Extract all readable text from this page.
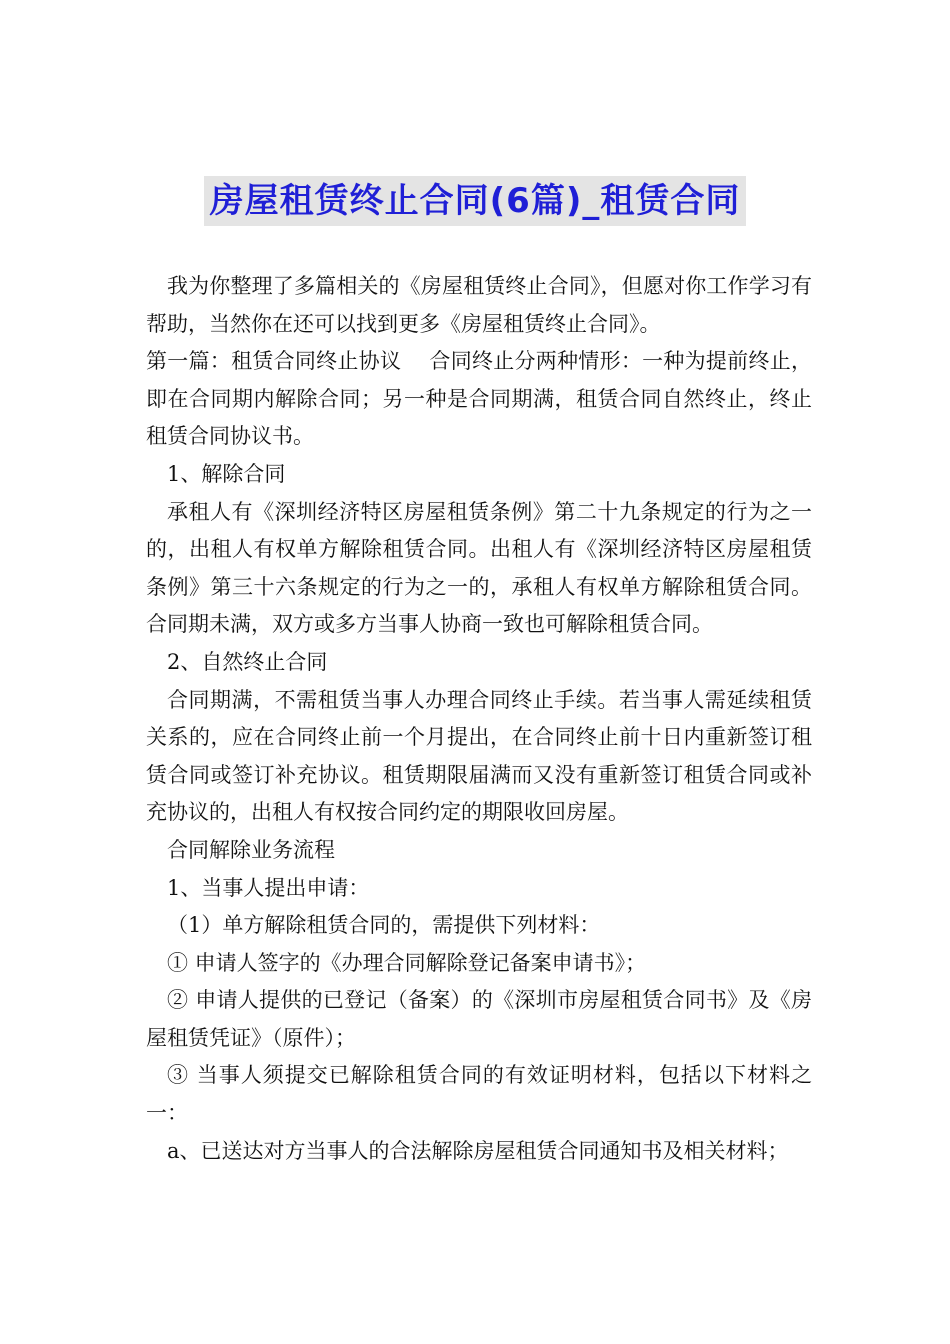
房屋租赁终止合同(6篇)_租赁合同

我为你整理了多篇相关的《房屋租赁终止合同》，但愿对你工作学习有帮助，当然你在还可以找到更多《房屋租赁终止合同》。

第一篇：租赁合同终止协议　 合同终止分两种情形：一种为提前终止，即在合同期内解除合同；另一种是合同期满，租赁合同自然终止，终止租赁合同协议书。

1、解除合同

承租人有《深圳经济特区房屋租赁条例》第二十九条规定的行为之一的，出租人有权单方解除租赁合同。出租人有《深圳经济特区房屋租赁条例》第三十六条规定的行为之一的，承租人有权单方解除租赁合同。合同期未满，双方或多方当事人协商一致也可解除租赁合同。

2、自然终止合同

合同期满，不需租赁当事人办理合同终止手续。若当事人需延续租赁关系的，应在合同终止前一个月提出，在合同终止前十日内重新签订租赁合同或签订补充协议。租赁期限届满而又没有重新签订租赁合同或补充协议的，出租人有权按合同约定的期限收回房屋。

合同解除业务流程

1、当事人提出申请：

（1）单方解除租赁合同的，需提供下列材料：

① 申请人签字的《办理合同解除登记备案申请书》；

② 申请人提供的已登记（备案）的《深圳市房屋租赁合同书》及《房屋租赁凭证》（原件）；

③ 当事人须提交已解除租赁合同的有效证明材料，包括以下材料之一：

a、已送达对方当事人的合法解除房屋租赁合同通知书及相关材料；
